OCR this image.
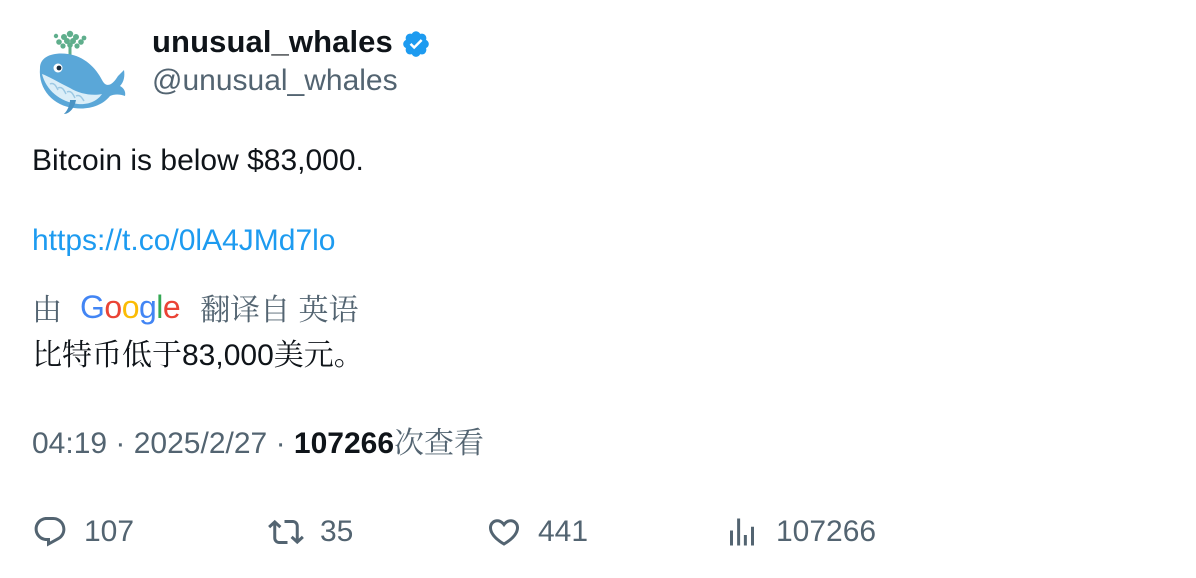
unusual_whales
@unusual_whales
Bitcoin is below $83,000.
https://t.co/0lA4JMd7lo
由 Google 翻译自 英语
比特币低于83,000美元。
04:19 · 2025/2/27 · 107266次查看
107	35	441	107266
